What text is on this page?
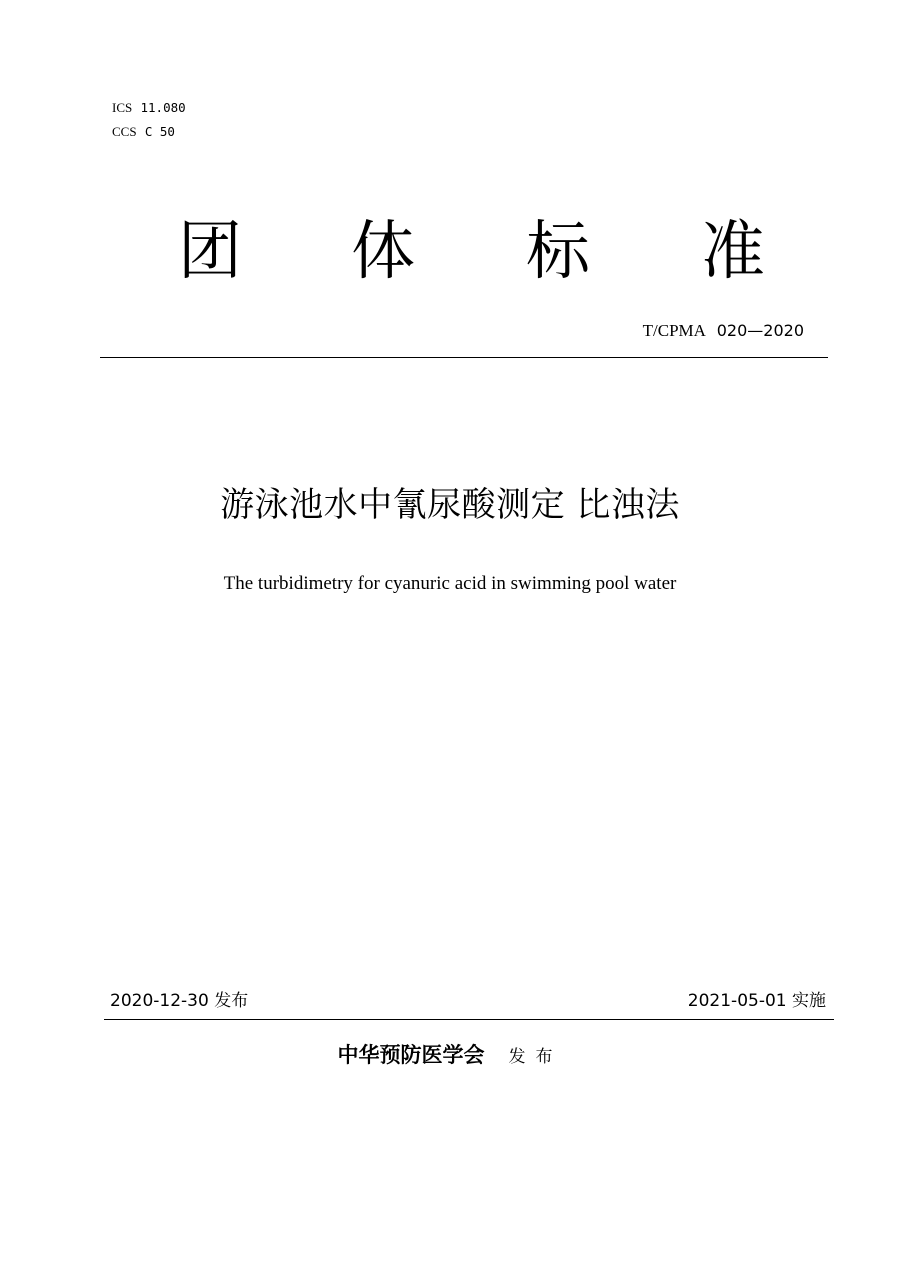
ICS 11.080
CCS C 50
团 体 标 准
T/CPMA 020—2020
游泳池水中氰尿酸测定 比浊法
The turbidimetry for cyanuric acid in swimming pool water
2020-12-30 发布	2021-05-01 实施
中华预防医学会 发布
